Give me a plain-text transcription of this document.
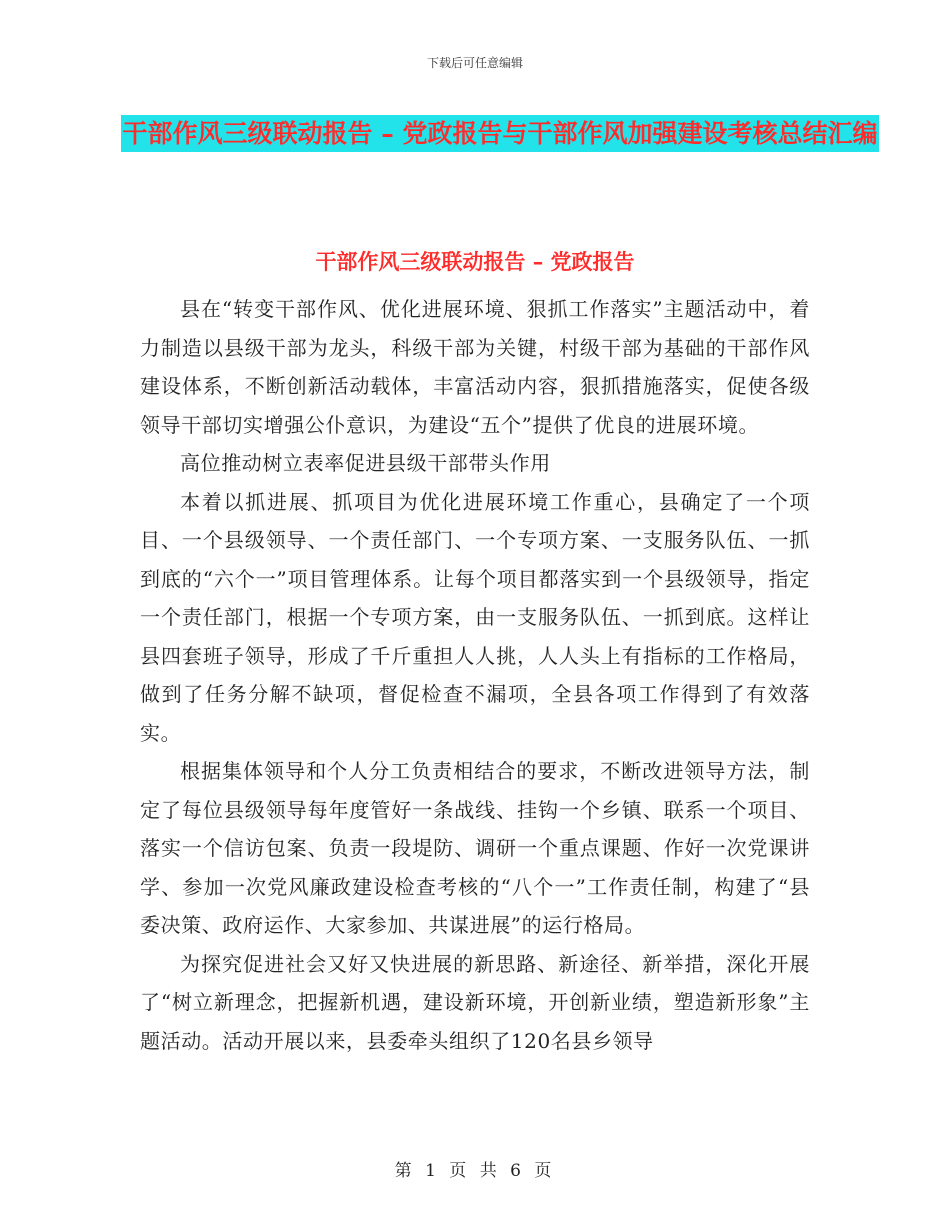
下载后可任意编辑
干部作风三级联动报告 – 党政报告与干部作风加强建设考核总结汇编
干部作风三级联动报告 – 党政报告

县在“转变干部作风、优化进展环境、狠抓工作落实”主题活动中，着力制造以县级干部为龙头，科级干部为关键，村级干部为基础的干部作风建设体系，不断创新活动载体，丰富活动内容，狠抓措施落实，促使各级领导干部切实增强公仆意识，为建设“五个”提供了优良的进展环境。

高位推动树立表率促进县级干部带头作用

本着以抓进展、抓项目为优化进展环境工作重心，县确定了一个项目、一个县级领导、一个责任部门、一个专项方案、一支服务队伍、一抓到底的“六个一”项目管理体系。让每个项目都落实到一个县级领导，指定一个责任部门，根据一个专项方案，由一支服务队伍、一抓到底。这样让县四套班子领导，形成了千斤重担人人挑，人人头上有指标的工作格局，做到了任务分解不缺项，督促检查不漏项，全县各项工作得到了有效落实。

根据集体领导和个人分工负责相结合的要求，不断改进领导方法，制定了每位县级领导每年度管好一条战线、挂钩一个乡镇、联系一个项目、落实一个信访包案、负责一段堤防、调研一个重点课题、作好一次党课讲学、参加一次党风廉政建设检查考核的“八个一”工作责任制，构建了“县委决策、政府运作、大家参加、共谋进展”的运行格局。

为探究促进社会又好又快进展的新思路、新途径、新举措，深化开展了“树立新理念，把握新机遇，建设新环境，开创新业绩，塑造新形象”主题活动。活动开展以来，县委牵头组织了120名县乡领导

第 1 页 共 6 页
